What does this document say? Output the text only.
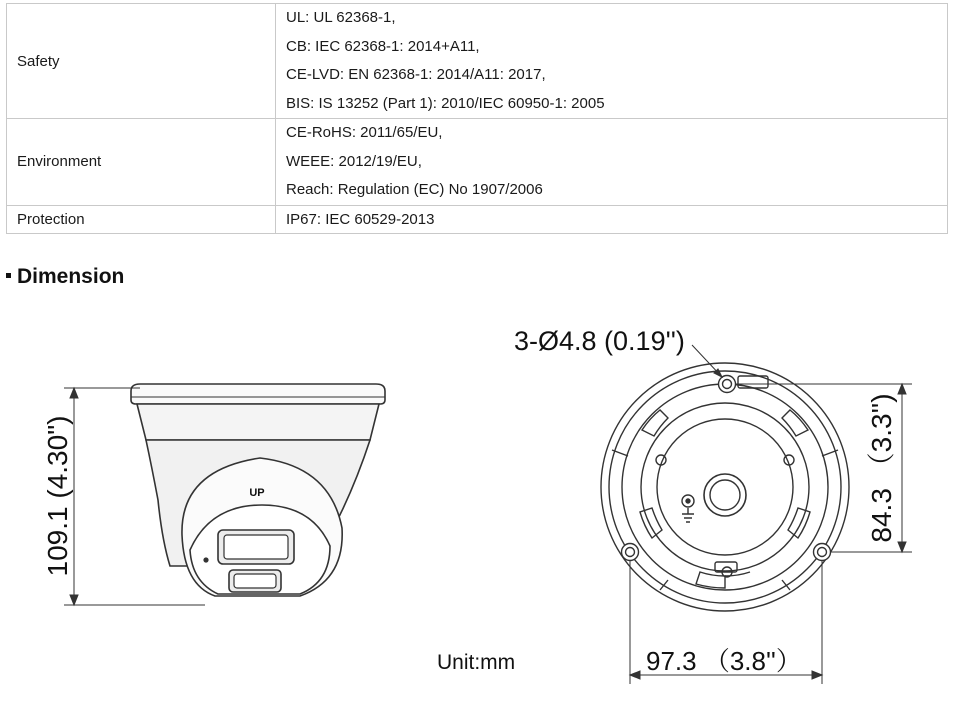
Safety	UL: UL 62368-1,
CB: IEC 62368-1: 2014+A11,
CE-LVD: EN 62368-1: 2014/A11: 2017,
BIS: IS 13252 (Part 1): 2010/IEC 60950-1: 2005

Environment	CE-RoHS: 2011/65/EU,
WEEE: 2012/19/EU,
Reach: Regulation (EC) No 1907/2006

Protection	IP67: IEC 60529-2013
Dimension
UP
109.1 (4.30")
3-Ø4.8 (0.19'')
84.3 （3.3'')
97.3 （3.8''）
Unit:mm
